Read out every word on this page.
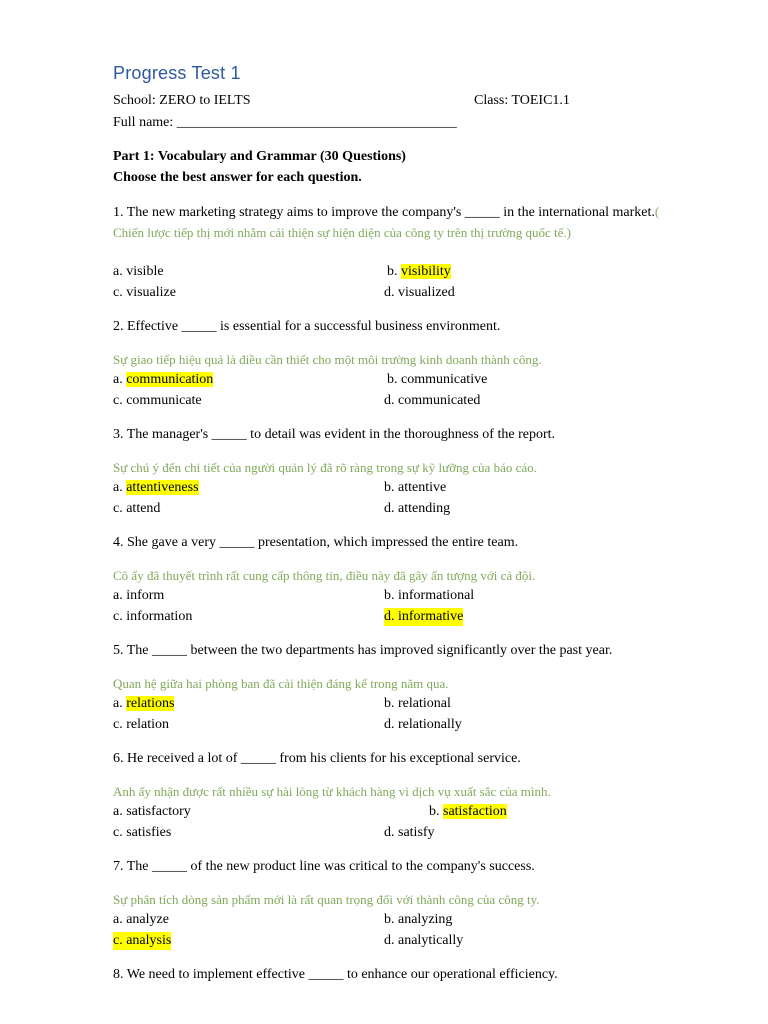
Progress Test 1
School: ZERO to IELTS	Class: TOEIC1.1
Full name: ________________________________________
Part 1: Vocabulary and Grammar (30 Questions)
Choose the best answer for each question.
1. The new marketing strategy aims to improve the company's _____ in the international market.( Chiến lược tiếp thị mới nhằm cải thiện sự hiện diện của công ty trên thị trường quốc tế.)
a. visible	b. visibility
c. visualize	d. visualized
2. Effective _____ is essential for a successful business environment.
Sự giao tiếp hiệu quả là điều cần thiết cho một môi trường kinh doanh thành công.
a. communication	b. communicative
c. communicate	d. communicated
3. The manager's _____ to detail was evident in the thoroughness of the report.
Sự chú ý đến chi tiết của người quản lý đã rõ ràng trong sự kỹ lưỡng của báo cáo.
a. attentiveness	b. attentive
c. attend	d. attending
4. She gave a very _____ presentation, which impressed the entire team.
Cô ấy đã thuyết trình rất cung cấp thông tin, điều này đã gây ấn tượng với cả đội.
a. inform	b. informational
c. information	d. informative
5. The _____ between the two departments has improved significantly over the past year.
Quan hệ giữa hai phòng ban đã cải thiện đáng kể trong năm qua.
a. relations	b. relational
c. relation	d. relationally
6. He received a lot of _____ from his clients for his exceptional service.
Anh ấy nhận được rất nhiều sự hài lòng từ khách hàng vì dịch vụ xuất sắc của mình.
a. satisfactory	b. satisfaction
c. satisfies	d. satisfy
7. The _____ of the new product line was critical to the company's success.
Sự phân tích dòng sản phẩm mới là rất quan trọng đối với thành công của công ty.
a. analyze	b. analyzing
c. analysis	d. analytically
8. We need to implement effective _____ to enhance our operational efficiency.
